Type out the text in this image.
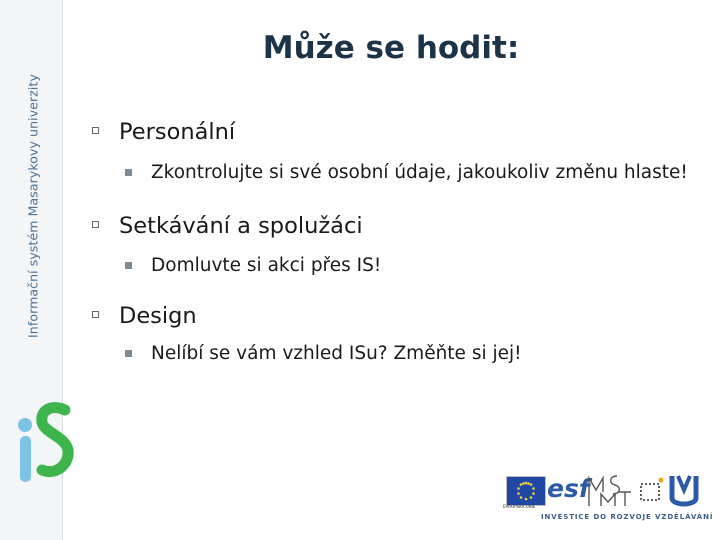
Informační systém Masarykovy univerzity
Může se hodit:
Personální
Zkontrolujte si své osobní údaje, jakoukoliv změnu hlaste!
Setkávání a spolužáci
Domluvte si akci přes IS!
Design
Nelíbí se vám vzhled ISu? Změňte si jej!
EVROPSKÁ UNIE
esf
INVESTICE DO ROZVOJE VZDĚLÁVÁNÍ
